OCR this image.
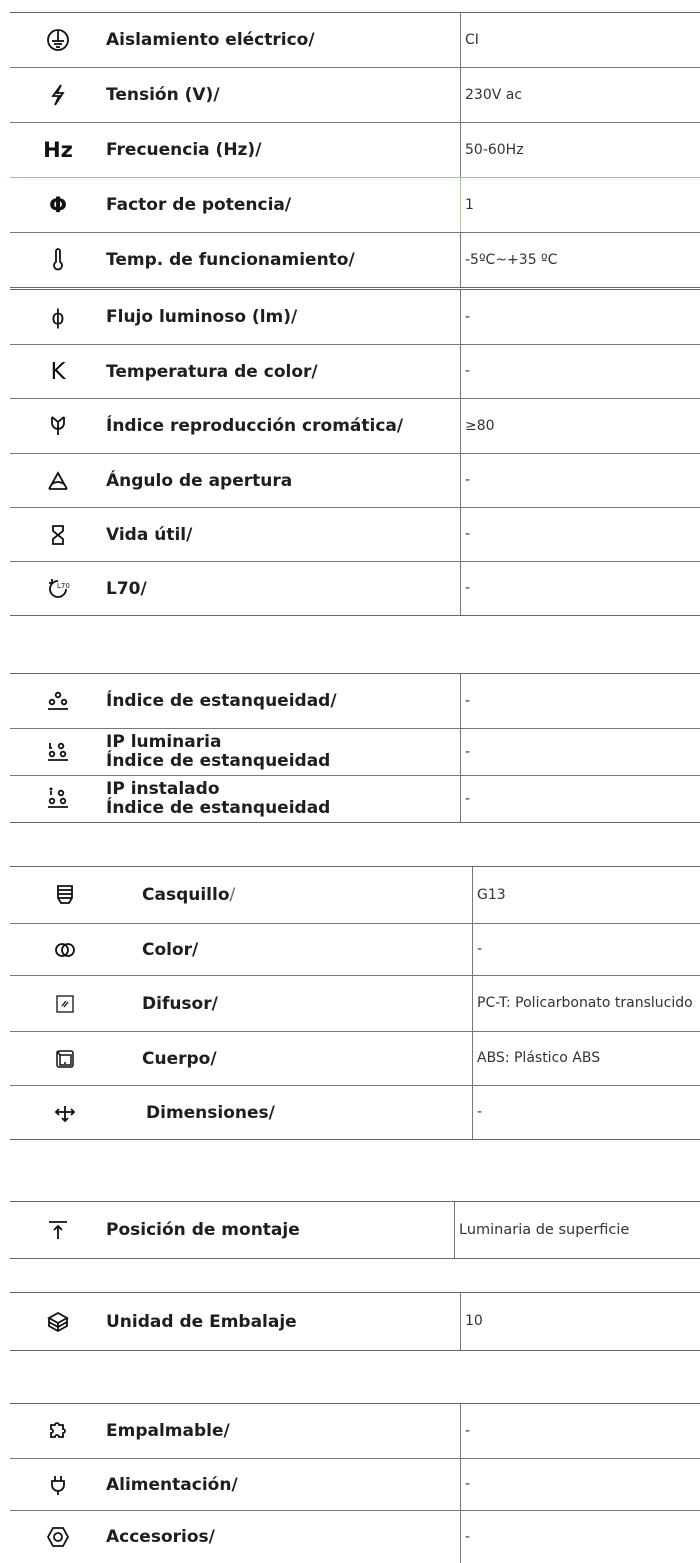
Aislamiento eléctrico/	CI
Tensión (V)/	230V ac
Hz Frecuencia (Hz)/	50-60Hz
Φ Factor de potencia/	1
Temp. de funcionamiento/	-5ºC~+35 ºC
ϕ Flujo luminoso (lm)/	-
K Temperatura de color/	-
Índice reproducción cromática/	≥80
Ángulo de apertura	-
Vida útil/	-
L70 L70/	-
Índice de estanqueidad/	-
IP luminaria
Índice de estanqueidad	-
IP instalado
Índice de estanqueidad	-
Casquillo/	G13
Color/	-
Difusor/	PC-T: Policarbonato translucido
Cuerpo/	ABS: Plástico ABS
Dimensiones/	-
Posición de montaje	Luminaria de superficie
Unidad de Embalaje	10
Empalmable/	-
Alimentación/	-
Accesorios/	-
